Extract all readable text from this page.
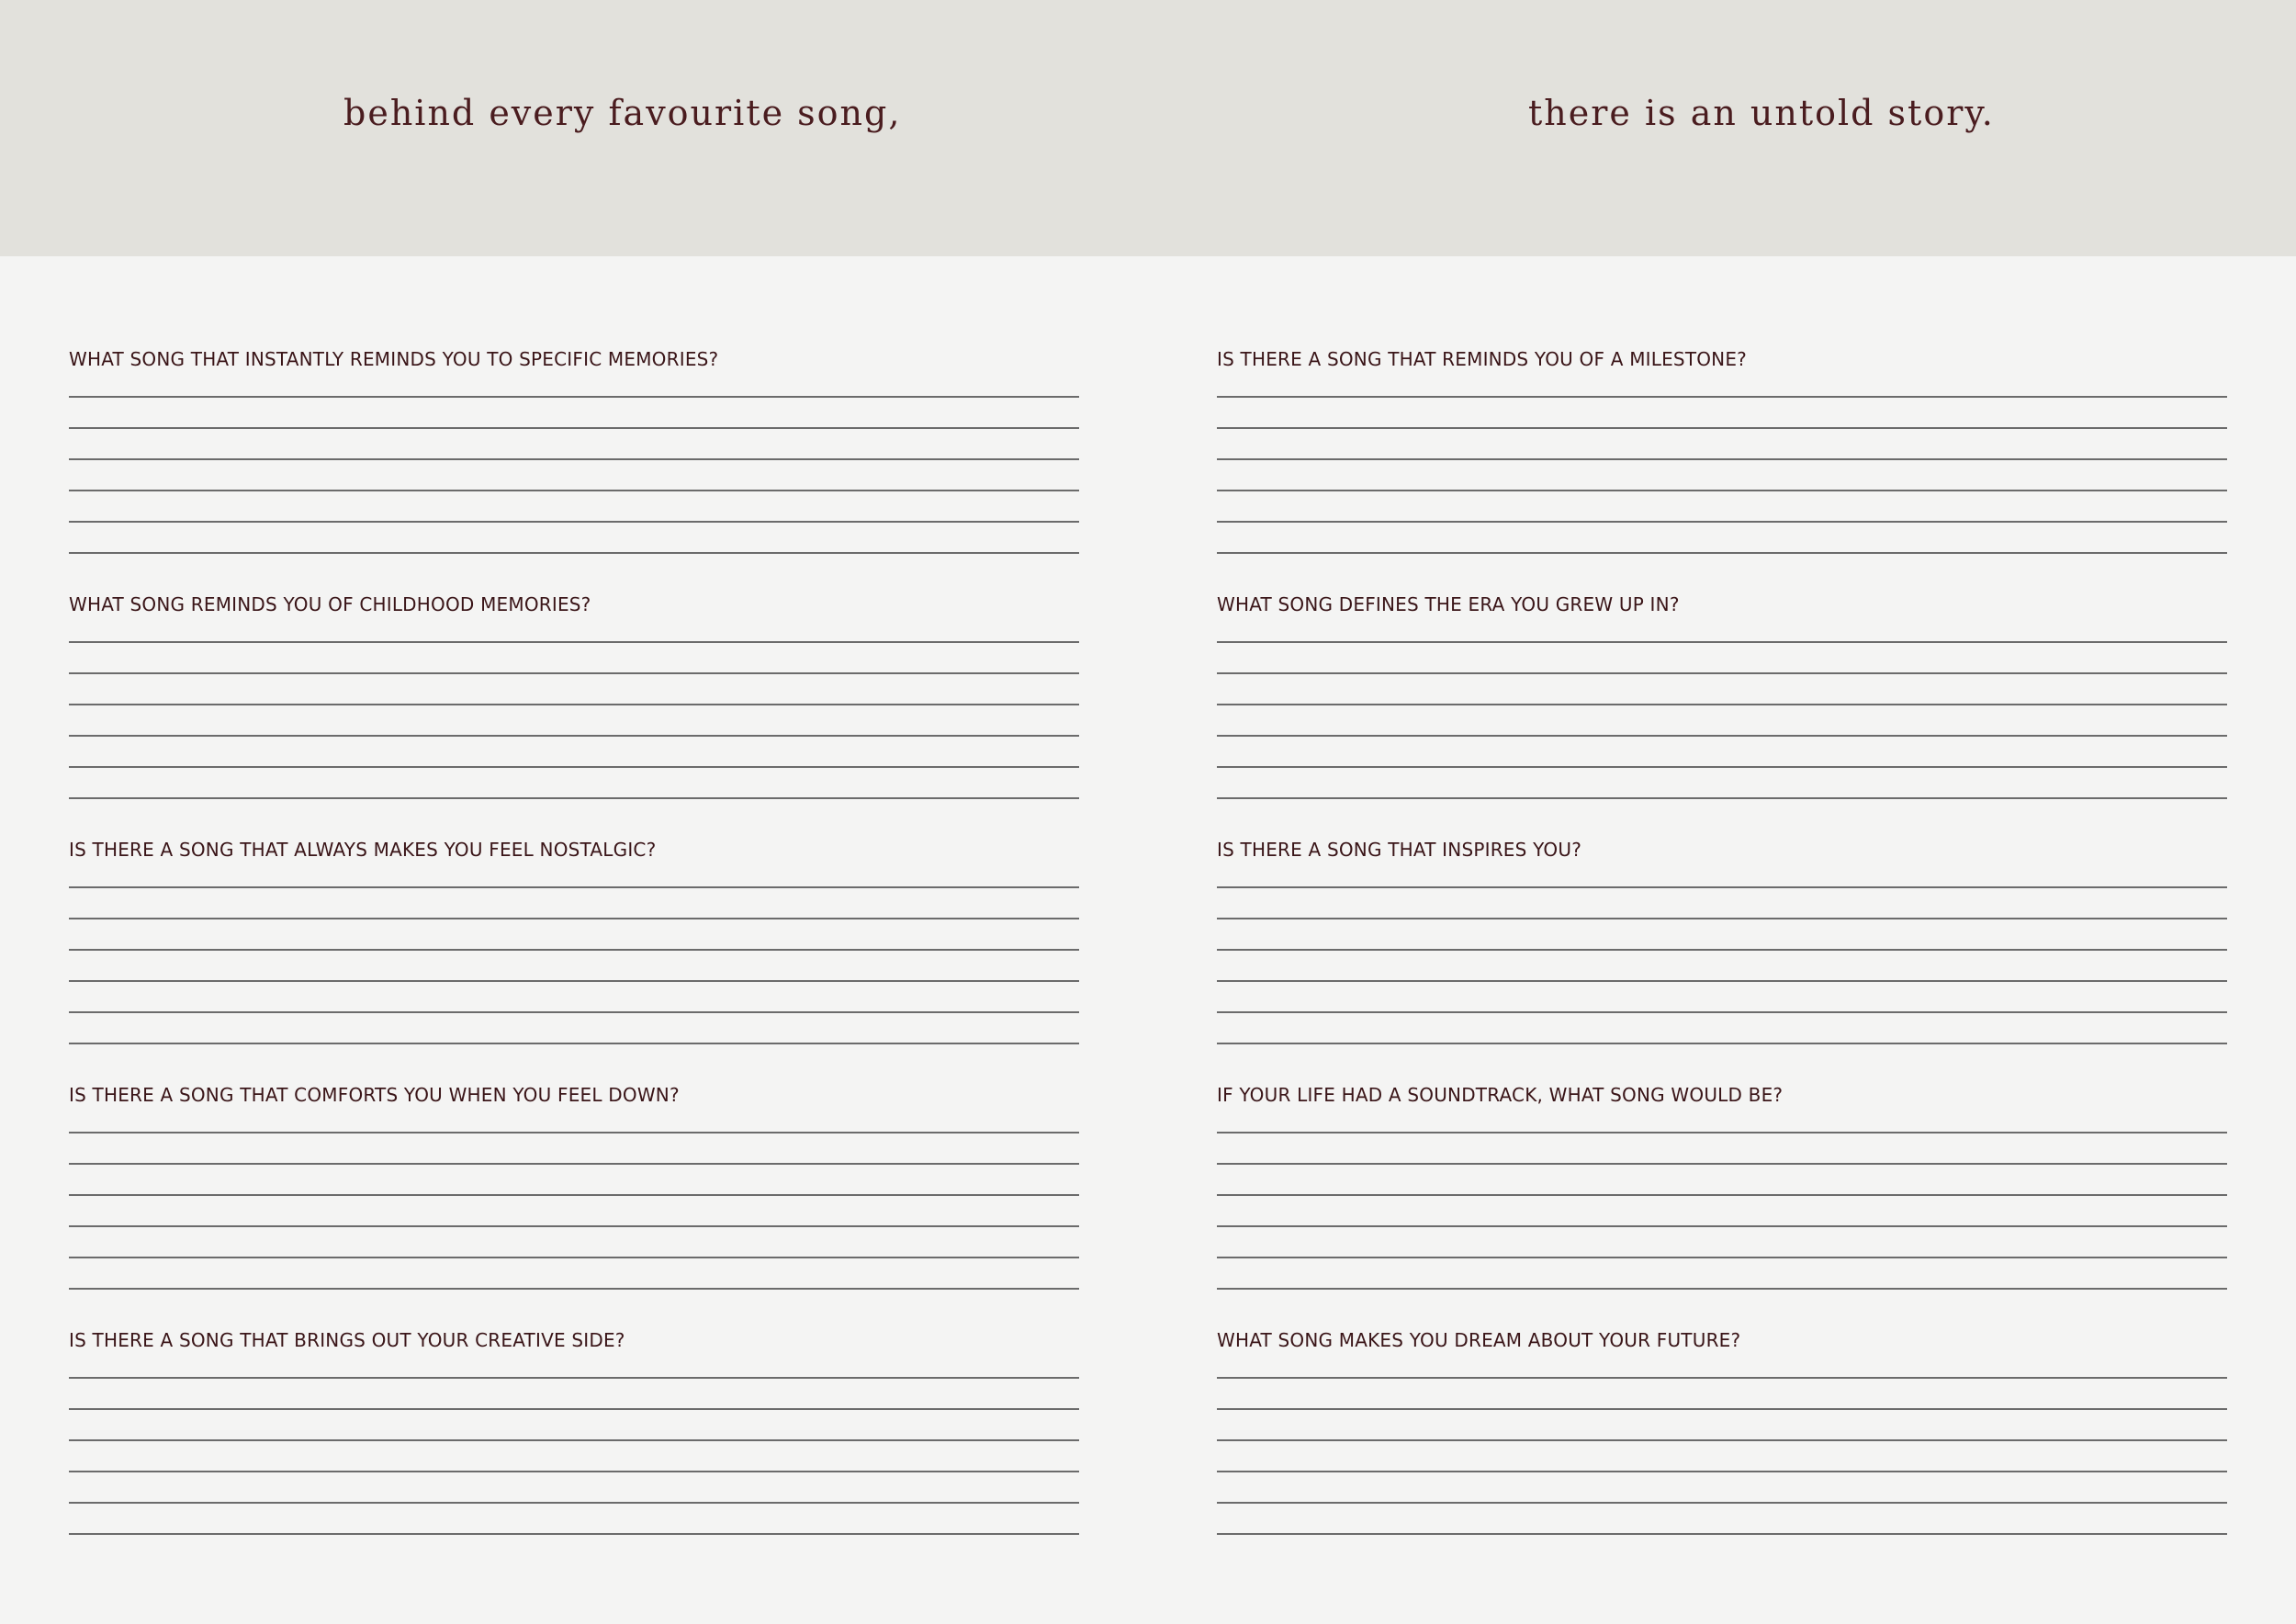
behind every favourite song,	there is an untold story.
WHAT SONG THAT INSTANTLY REMINDS YOU TO SPECIFIC MEMORIES?
WHAT SONG REMINDS YOU OF CHILDHOOD MEMORIES?
IS THERE A SONG THAT ALWAYS MAKES YOU FEEL NOSTALGIC?
IS THERE A SONG THAT COMFORTS YOU WHEN YOU FEEL DOWN?
IS THERE A SONG THAT BRINGS OUT YOUR CREATIVE SIDE?
IS THERE A SONG THAT REMINDS YOU OF A MILESTONE?
WHAT SONG DEFINES THE ERA YOU GREW UP IN?
IS THERE A SONG THAT INSPIRES YOU?
IF YOUR LIFE HAD A SOUNDTRACK, WHAT SONG WOULD BE?
WHAT SONG MAKES YOU DREAM ABOUT YOUR FUTURE?
